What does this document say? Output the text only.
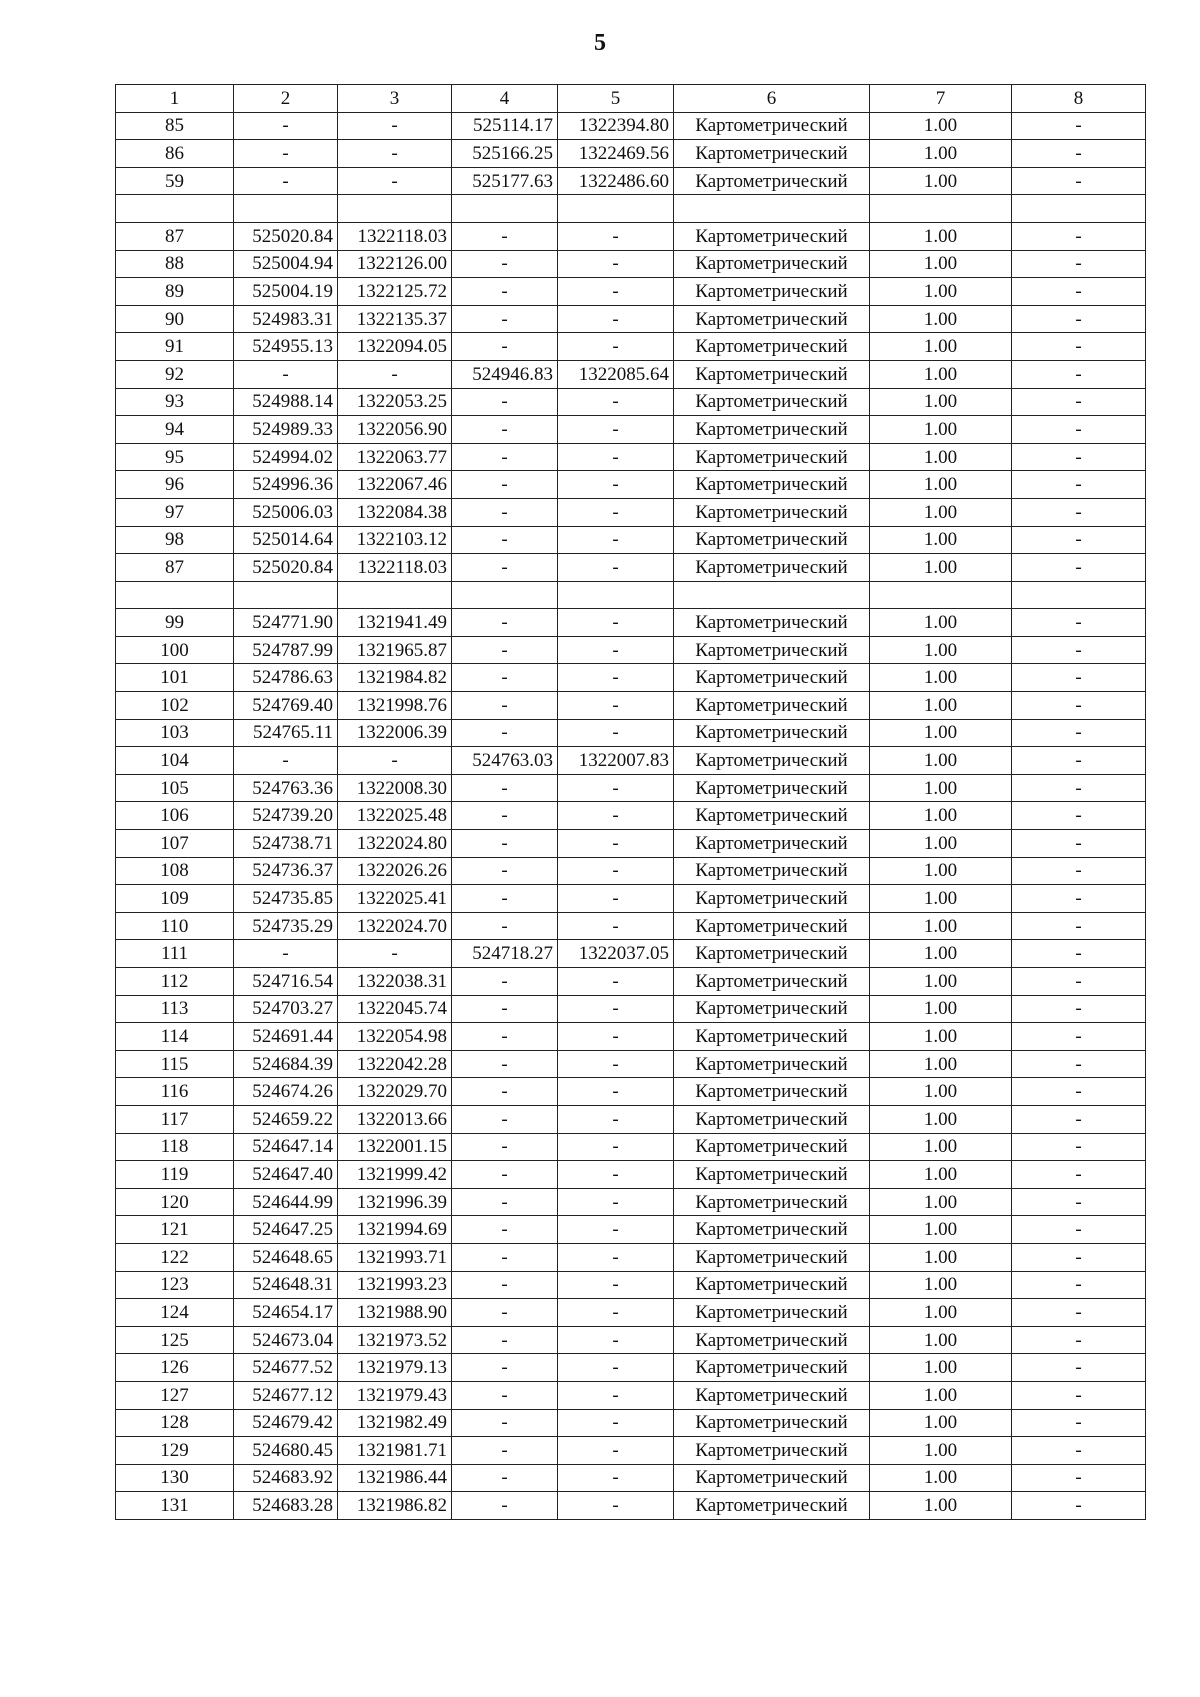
5
1	2	3	4	5	6	7	8
85	-	-	525114.17	1322394.80	Картометрический	1.00	-
86	-	-	525166.25	1322469.56	Картометрический	1.00	-
59	-	-	525177.63	1322486.60	Картометрический	1.00	-

87	525020.84	1322118.03	-	-	Картометрический	1.00	-
88	525004.94	1322126.00	-	-	Картометрический	1.00	-
89	525004.19	1322125.72	-	-	Картометрический	1.00	-
90	524983.31	1322135.37	-	-	Картометрический	1.00	-
91	524955.13	1322094.05	-	-	Картометрический	1.00	-
92	-	-	524946.83	1322085.64	Картометрический	1.00	-
93	524988.14	1322053.25	-	-	Картометрический	1.00	-
94	524989.33	1322056.90	-	-	Картометрический	1.00	-
95	524994.02	1322063.77	-	-	Картометрический	1.00	-
96	524996.36	1322067.46	-	-	Картометрический	1.00	-
97	525006.03	1322084.38	-	-	Картометрический	1.00	-
98	525014.64	1322103.12	-	-	Картометрический	1.00	-
87	525020.84	1322118.03	-	-	Картометрический	1.00	-

99	524771.90	1321941.49	-	-	Картометрический	1.00	-
100	524787.99	1321965.87	-	-	Картометрический	1.00	-
101	524786.63	1321984.82	-	-	Картометрический	1.00	-
102	524769.40	1321998.76	-	-	Картометрический	1.00	-
103	524765.11	1322006.39	-	-	Картометрический	1.00	-
104	-	-	524763.03	1322007.83	Картометрический	1.00	-
105	524763.36	1322008.30	-	-	Картометрический	1.00	-
106	524739.20	1322025.48	-	-	Картометрический	1.00	-
107	524738.71	1322024.80	-	-	Картометрический	1.00	-
108	524736.37	1322026.26	-	-	Картометрический	1.00	-
109	524735.85	1322025.41	-	-	Картометрический	1.00	-
110	524735.29	1322024.70	-	-	Картометрический	1.00	-
111	-	-	524718.27	1322037.05	Картометрический	1.00	-
112	524716.54	1322038.31	-	-	Картометрический	1.00	-
113	524703.27	1322045.74	-	-	Картометрический	1.00	-
114	524691.44	1322054.98	-	-	Картометрический	1.00	-
115	524684.39	1322042.28	-	-	Картометрический	1.00	-
116	524674.26	1322029.70	-	-	Картометрический	1.00	-
117	524659.22	1322013.66	-	-	Картометрический	1.00	-
118	524647.14	1322001.15	-	-	Картометрический	1.00	-
119	524647.40	1321999.42	-	-	Картометрический	1.00	-
120	524644.99	1321996.39	-	-	Картометрический	1.00	-
121	524647.25	1321994.69	-	-	Картометрический	1.00	-
122	524648.65	1321993.71	-	-	Картометрический	1.00	-
123	524648.31	1321993.23	-	-	Картометрический	1.00	-
124	524654.17	1321988.90	-	-	Картометрический	1.00	-
125	524673.04	1321973.52	-	-	Картометрический	1.00	-
126	524677.52	1321979.13	-	-	Картометрический	1.00	-
127	524677.12	1321979.43	-	-	Картометрический	1.00	-
128	524679.42	1321982.49	-	-	Картометрический	1.00	-
129	524680.45	1321981.71	-	-	Картометрический	1.00	-
130	524683.92	1321986.44	-	-	Картометрический	1.00	-
131	524683.28	1321986.82	-	-	Картометрический	1.00	-
